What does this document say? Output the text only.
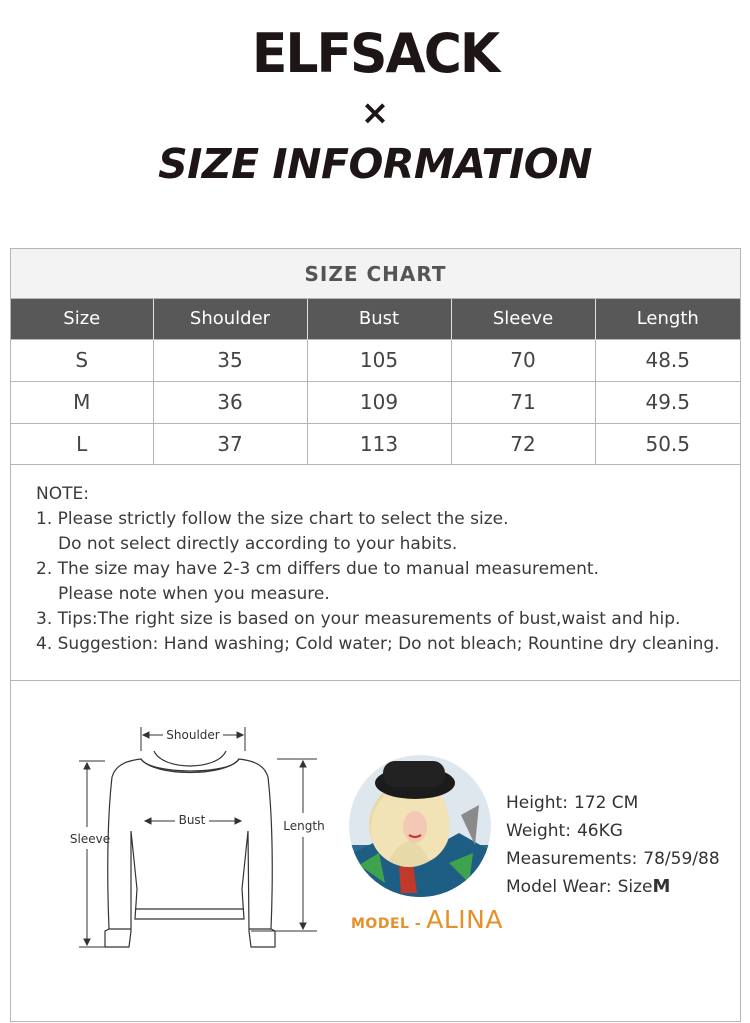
ELFSACK
×
SIZE INFORMATION
SIZE CHART
Size	Shoulder	Bust	Sleeve	Length
S	35	105	70	48.5
M	36	109	71	49.5
L	37	113	72	50.5
NOTE:
1. Please strictly follow the size chart to select the size.
Do not select directly according to your habits.
2. The size may have 2-3 cm differs due to manual measurement.
Please note when you measure.
3. Tips:The right size is based on your measurements of bust,waist and hip.
4. Suggestion: Hand washing; Cold water; Do not bleach; Rountine dry cleaning.
Shoulder
Bust
Sleeve
Length
MODEL - ALINA
Height: 172 CM
Weight: 46KG
Measurements: 78/59/88
Model Wear: SizeM
